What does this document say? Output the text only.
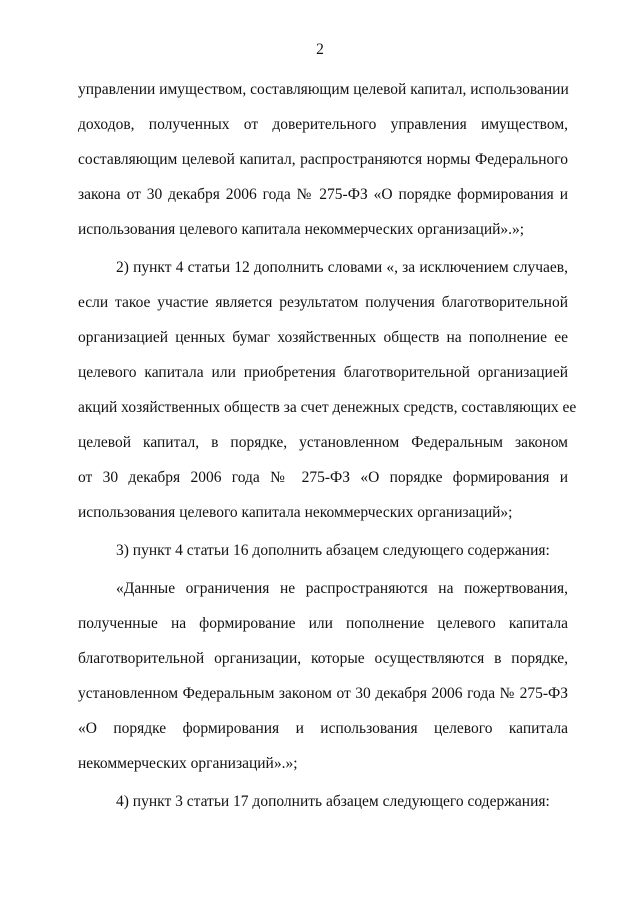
2
управлении имуществом, составляющим целевой капитал, использовании
доходов, полученных от доверительного управления имуществом,
составляющим целевой капитал, распространяются нормы Федерального
закона от 30 декабря 2006 года № 275-ФЗ «О порядке формирования и
использования целевого капитала некоммерческих организаций».»;
2) пункт 4 статьи 12 дополнить словами «, за исключением случаев,
если такое участие является результатом получения благотворительной
организацией ценных бумаг хозяйственных обществ на пополнение ее
целевого капитала или приобретения благотворительной организацией
акций хозяйственных обществ за счет денежных средств, составляющих ее
целевой капитал, в порядке, установленном Федеральным законом
от 30 декабря 2006 года № 275-ФЗ «О порядке формирования и
использования целевого капитала некоммерческих организаций»;
3) пункт 4 статьи 16 дополнить абзацем следующего содержания:
«Данные ограничения не распространяются на пожертвования,
полученные на формирование или пополнение целевого капитала
благотворительной организации, которые осуществляются в порядке,
установленном Федеральным законом от 30 декабря 2006 года № 275-ФЗ
«О порядке формирования и использования целевого капитала
некоммерческих организаций».»;
4) пункт 3 статьи 17 дополнить абзацем следующего содержания:
